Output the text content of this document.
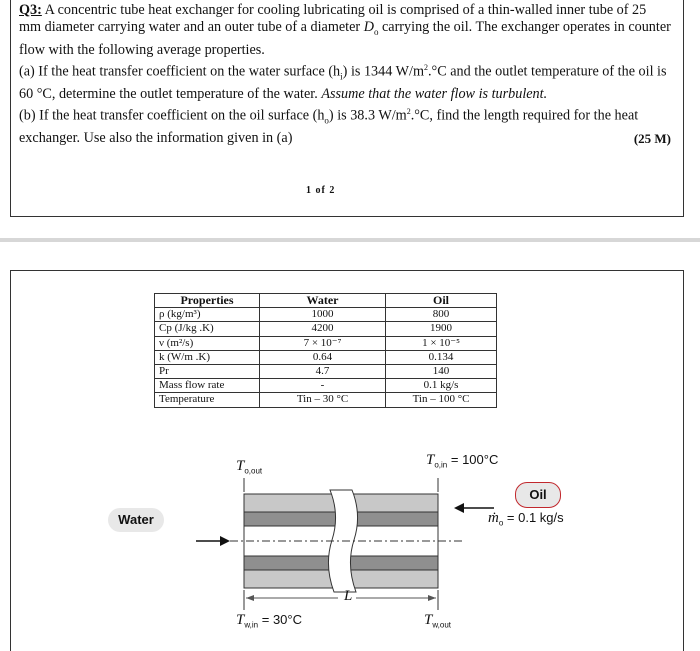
Q3: A concentric tube heat exchanger for cooling lubricating oil is comprised of a thin-walled inner tube of 25 mm diameter carrying water and an outer tube of a diameter $D_o$ carrying the oil. The exchanger operates in counter flow with the following average properties.

(a) If the heat transfer coefficient on the water surface $(h_i)$ is 1344 $W/m^2.^\circ C$ and the outlet temperature of the oil is 60 °C, determine the outlet temperature of the water. Assume that the water flow is turbulent.

(b) If the heat transfer coefficient on the oil surface $(h_o)$ is 38.3 $W/m^2.^\circ C$, find the length required for the heat exchanger. Use also the information given in (a)	(25 M)

1 of 2
Properties	Water	Oil
ρ (kg/m³)	1000	800
Cp (J/kg .K)	4200	1900
ν (m²/s)	7 × 10⁻⁷	1 × 10⁻⁵
k (W/m .K)	0.64	0.134
Pr	4.7	140
Mass flow rate	-	0.1 kg/s
Temperature	Tin – 30 °C	Tin – 100 °C
Water
Oil
$T_{o,out}$
$T_{o,in} = 100^\circ C$
ṁ$_o$ = 0.1 kg/s
$T_{w,in} = 30^\circ C$	$T_{w,out}$
L
